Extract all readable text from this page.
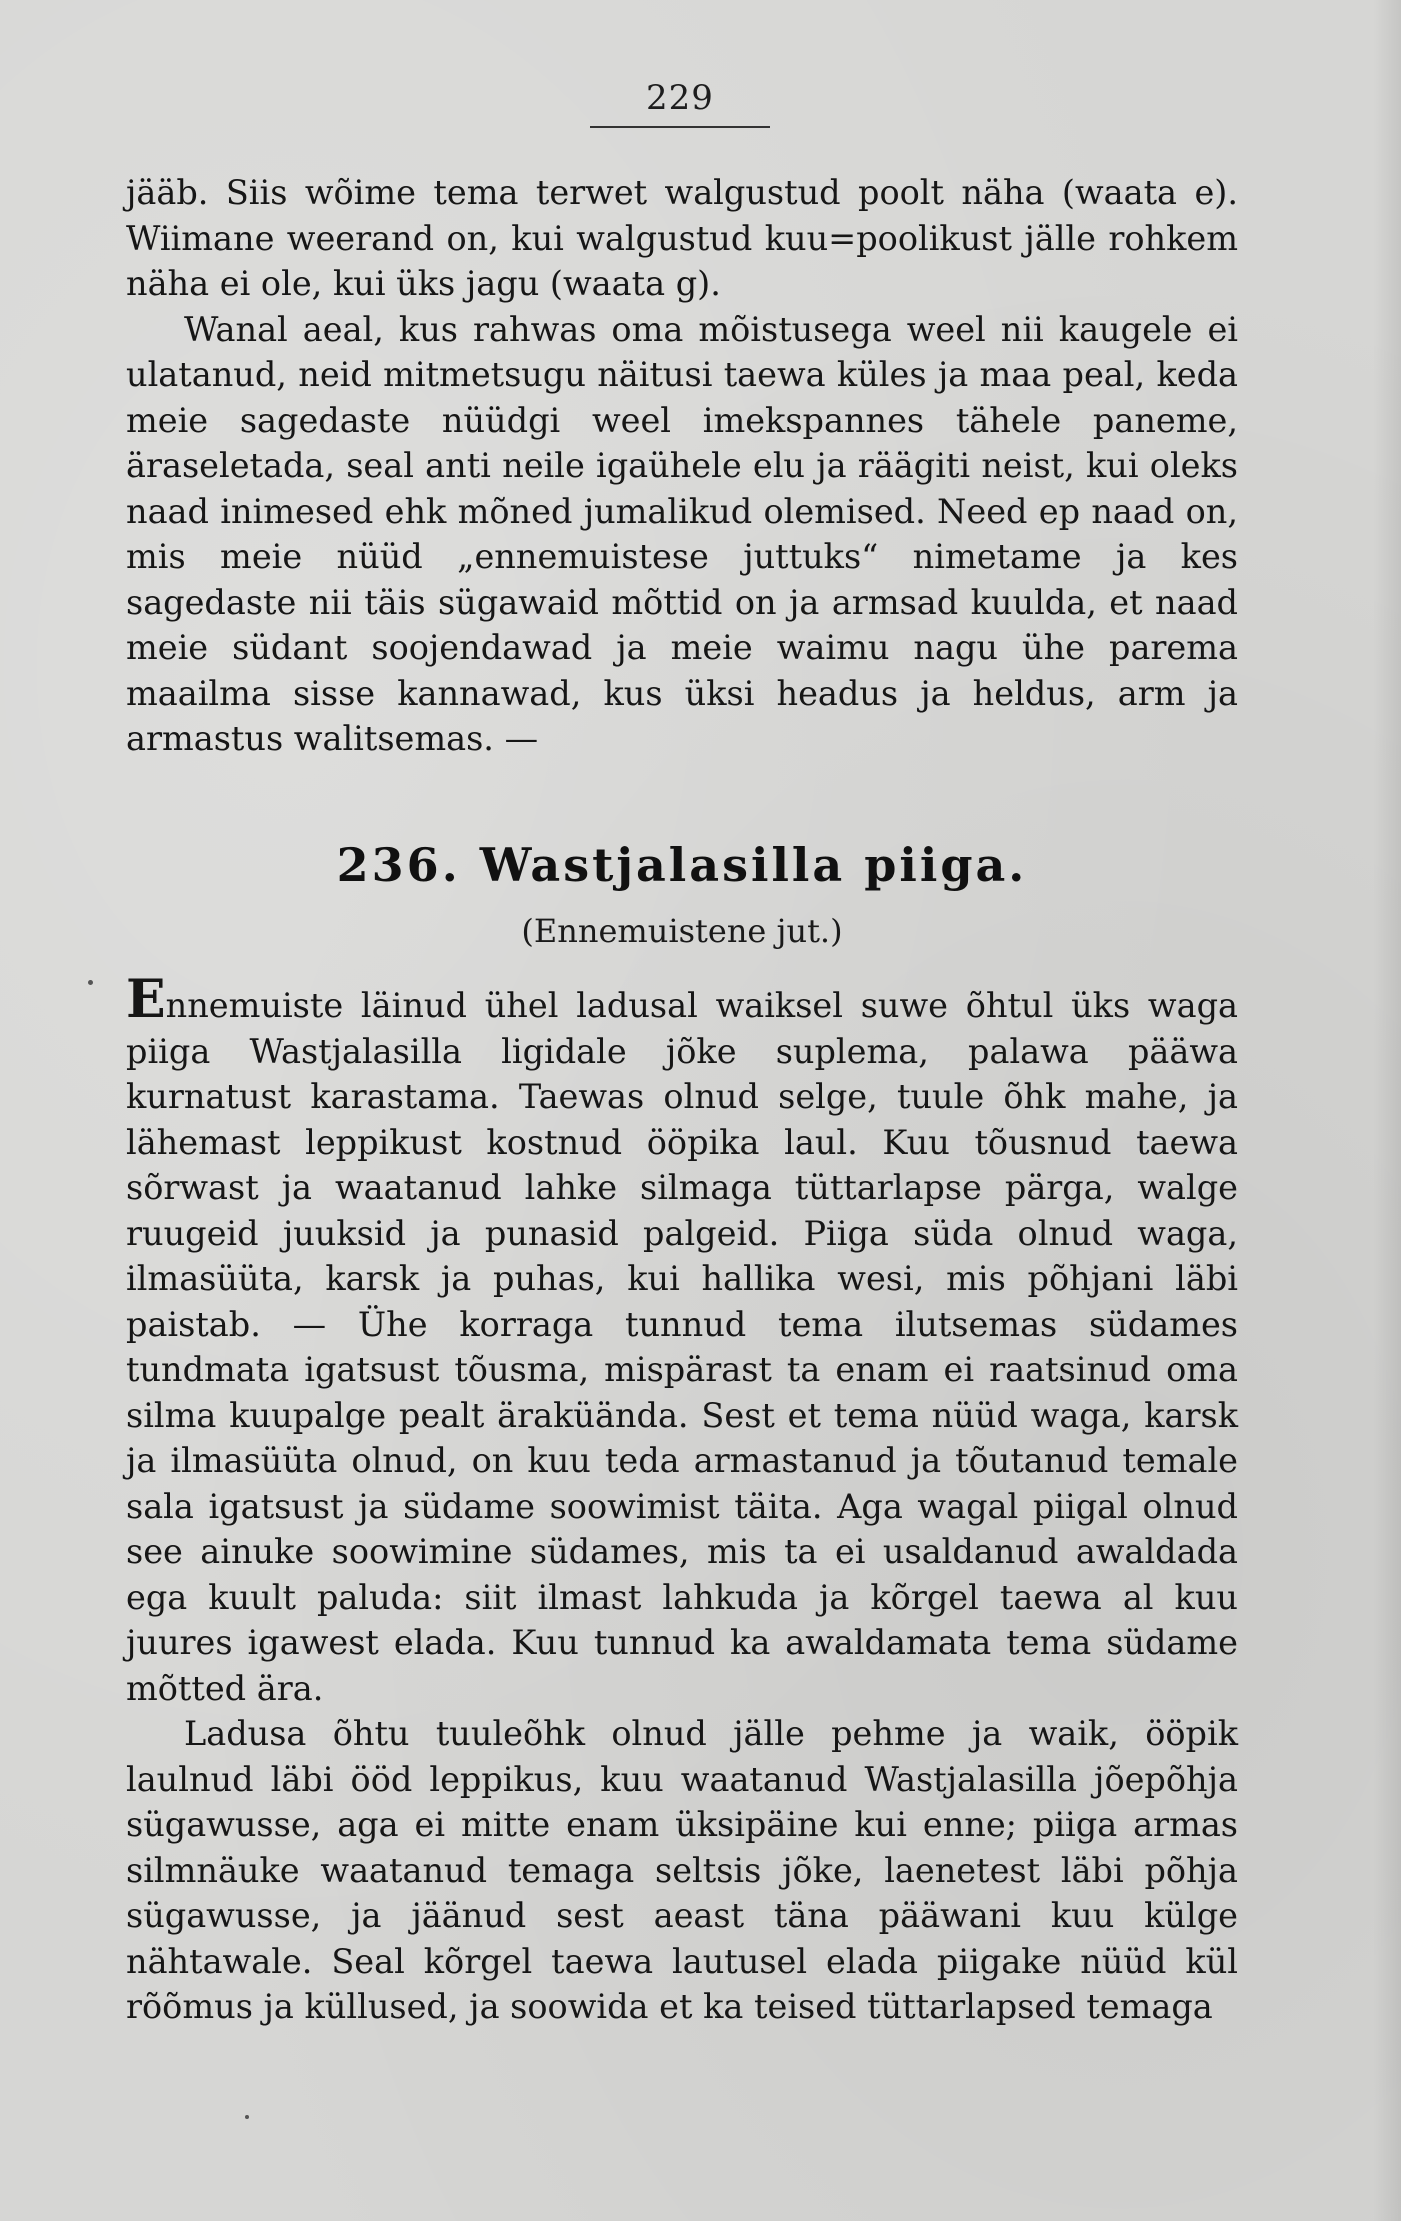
229

jääb. Siis wõime tema terwet walgustud poolt näha (waata e). Wiimane weerand on, kui walgustud kuu=poolikust jälle rohkem näha ei ole, kui üks jagu (waata g).

Wanal aeal, kus rahwas oma mõistusega weel nii kaugele ei ulatanud, neid mitmetsugu näitusi taewa küles ja maa peal, keda meie sagedaste nüüdgi weel imekspannes tähele paneme, äraseletada, seal anti neile igaühele elu ja räägiti neist, kui oleks naad inimesed ehk mõned jumalikud olemised. Need ep naad on, mis meie nüüd „ennemuistese juttuks“ nimetame ja kes sagedaste nii täis sügawaid mõttid on ja armsad kuulda, et naad meie südant soojendawad ja meie waimu nagu ühe parema maailma sisse kannawad, kus üksi headus ja heldus, arm ja armastus walitsemas. —

236. Wastjalasilla piiga.
(Ennemuistene jut.)

Ennemuiste läinud ühel ladusal waiksel suwe õhtul üks waga piiga Wastjalasilla ligidale jõke suplema, palawa pääwa kurnatust karastama. Taewas olnud selge, tuule õhk mahe, ja lähemast leppikust kostnud ööpika laul. Kuu tõusnud taewa sõrwast ja waatanud lahke silmaga tüttarlapse pärga, walge ruugeid juuksid ja punasid palgeid. Piiga süda olnud waga, ilmasüüta, karsk ja puhas, kui hallika wesi, mis põhjani läbi paistab. — Ühe korraga tunnud tema ilutsemas südames tundmata igatsust tõusma, mispärast ta enam ei raatsinud oma silma kuupalge pealt äraküända. Sest et tema nüüd waga, karsk ja ilmasüüta olnud, on kuu teda armastanud ja tõutanud temale sala igatsust ja südame soowimist täita. Aga wagal piigal olnud see ainuke soowimine südames, mis ta ei usaldanud awaldada ega kuult paluda: siit ilmast lahkuda ja kõrgel taewa al kuu juures igawest elada. Kuu tunnud ka awaldamata tema südame mõtted ära.

Ladusa õhtu tuuleõhk olnud jälle pehme ja waik, ööpik laulnud läbi ööd leppikus, kuu waatanud Wastjalasilla jõepõhja sügawusse, aga ei mitte enam üksipäine kui enne; piiga armas silmnäuke waatanud temaga seltsis jõke, laenetest läbi põhja sügawusse, ja jäänud sest aeast täna pääwani kuu külge nähtawale. Seal kõrgel taewa lautusel elada piigake nüüd kül rõõmus ja küllused, ja soowida et ka teised tüttarlapsed temaga
